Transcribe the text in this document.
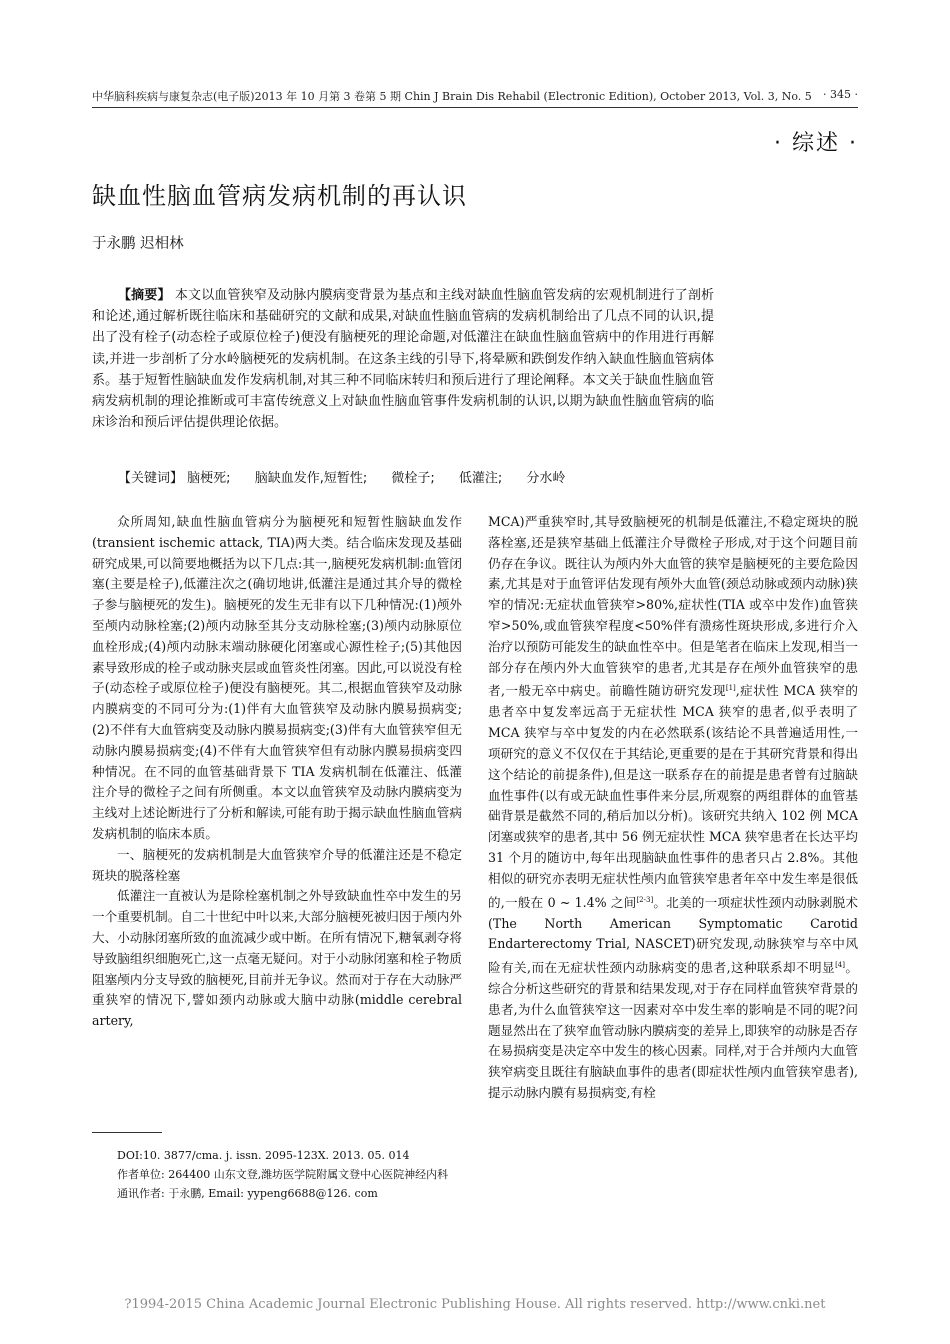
中华脑科疾病与康复杂志(电子版)2013 年 10 月第 3 卷第 5 期 Chin J Brain Dis Rehabil (Electronic Edition), October 2013, Vol. 3, No. 5 · 345 ·
· 综述 ·
缺血性脑血管病发病机制的再认识
于永鹏 迟相林
【摘要】 本文以血管狭窄及动脉内膜病变背景为基点和主线对缺血性脑血管发病的宏观机制进行了剖析和论述,通过解析既往临床和基础研究的文献和成果,对缺血性脑血管病的发病机制给出了几点不同的认识,提出了没有栓子(动态栓子或原位栓子)便没有脑梗死的理论命题,对低灌注在缺血性脑血管病中的作用进行再解读,并进一步剖析了分水岭脑梗死的发病机制。在这条主线的引导下,将晕厥和跌倒发作纳入缺血性脑血管病体系。基于短暂性脑缺血发作发病机制,对其三种不同临床转归和预后进行了理论阐释。本文关于缺血性脑血管病发病机制的理论推断或可丰富传统意义上对缺血性脑血管事件发病机制的认识,以期为缺血性脑血管病的临床诊治和预后评估提供理论依据。
【关键词】 脑梗死; 脑缺血发作,短暂性; 微栓子; 低灌注; 分水岭

众所周知,缺血性脑血管病分为脑梗死和短暂性脑缺血发作(transient ischemic attack, TIA)两大类。结合临床发现及基础研究成果,可以简要地概括为以下几点:其一,脑梗死发病机制:血管闭塞(主要是栓子),低灌注次之(确切地讲,低灌注是通过其介导的微栓子参与脑梗死的发生)。脑梗死的发生无非有以下几种情况:(1)颅外至颅内动脉栓塞;(2)颅内动脉至其分支动脉栓塞;(3)颅内动脉原位血栓形成;(4)颅内动脉末端动脉硬化闭塞或心源性栓子;(5)其他因素导致形成的栓子或动脉夹层或血管炎性闭塞。因此,可以说没有栓子(动态栓子或原位栓子)便没有脑梗死。其二,根据血管狭窄及动脉内膜病变的不同可分为:(1)伴有大血管狭窄及动脉内膜易损病变;(2)不伴有大血管病变及动脉内膜易损病变;(3)伴有大血管狭窄但无动脉内膜易损病变;(4)不伴有大血管狭窄但有动脉内膜易损病变四种情况。在不同的血管基础背景下 TIA 发病机制在低灌注、低灌注介导的微栓子之间有所侧重。本文以血管狭窄及动脉内膜病变为主线对上述论断进行了分析和解读,可能有助于揭示缺血性脑血管病发病机制的临床本质。

一、脑梗死的发病机制是大血管狭窄介导的低灌注还是不稳定斑块的脱落栓塞

低灌注一直被认为是除栓塞机制之外导致缺血性卒中发生的另一个重要机制。自二十世纪中叶以来,大部分脑梗死被归因于颅内外大、小动脉闭塞所致的血流减少或中断。在所有情况下,糖氧剥夺将导致脑组织细胞死亡,这一点毫无疑问。对于小动脉闭塞和栓子物质阻塞颅内分支导致的脑梗死,目前并无争议。然而对于存在大动脉严重狭窄的情况下,譬如颈内动脉或大脑中动脉(middle cerebral artery,

MCA)严重狭窄时,其导致脑梗死的机制是低灌注,不稳定斑块的脱落栓塞,还是狭窄基础上低灌注介导微栓子形成,对于这个问题目前仍存在争议。既往认为颅内外大血管的狭窄是脑梗死的主要危险因素,尤其是对于血管评估发现有颅外大血管(颈总动脉或颈内动脉)狭窄的情况:无症状血管狭窄>80%,症状性(TIA 或卒中发作)血管狭窄>50%,或血管狭窄程度<50%伴有溃疡性斑块形成,多进行介入治疗以预防可能发生的缺血性卒中。但是笔者在临床上发现,相当一部分存在颅内外大血管狭窄的患者,尤其是存在颅外血管狭窄的患者,一般无卒中病史。前瞻性随访研究发现[1],症状性 MCA 狭窄的患者卒中复发率远高于无症状性 MCA 狭窄的患者,似乎表明了 MCA 狭窄与卒中复发的内在必然联系(该结论不具普遍适用性,一项研究的意义不仅仅在于其结论,更重要的是在于其研究背景和得出这个结论的前提条件),但是这一联系存在的前提是患者曾有过脑缺血性事件(以有或无缺血性事件来分层,所观察的两组群体的血管基础背景是截然不同的,稍后加以分析)。该研究共纳入 102 例 MCA 闭塞或狭窄的患者,其中 56 例无症状性 MCA 狭窄患者在长达平均 31 个月的随访中,每年出现脑缺血性事件的患者只占 2.8%。其他相似的研究亦表明无症状性颅内血管狭窄患者年卒中发生率是很低的,一般在 0 ~ 1.4% 之间[2-3]。北美的一项症状性颈内动脉剥脱术(The North American Symptomatic Carotid Endarterectomy Trial, NASCET)研究发现,动脉狭窄与卒中风险有关,而在无症状性颈内动脉病变的患者,这种联系却不明显[4]。综合分析这些研究的背景和结果发现,对于存在同样血管狭窄背景的患者,为什么血管狭窄这一因素对卒中发生率的影响是不同的呢?问题显然出在了狭窄血管动脉内膜病变的差异上,即狭窄的动脉是否存在易损病变是决定卒中发生的核心因素。同样,对于合并颅内大血管狭窄病变且既往有脑缺血事件的患者(即症状性颅内血管狭窄患者),提示动脉内膜有易损病变,有栓

DOI:10. 3877/cma. j. issn. 2095-123X. 2013. 05. 014
作者单位: 264400 山东文登,潍坊医学院附属文登中心医院神经内科
通讯作者: 于永鹏, Email: yypeng6688@126. com
?1994-2015 China Academic Journal Electronic Publishing House. All rights reserved. http://www.cnki.net
